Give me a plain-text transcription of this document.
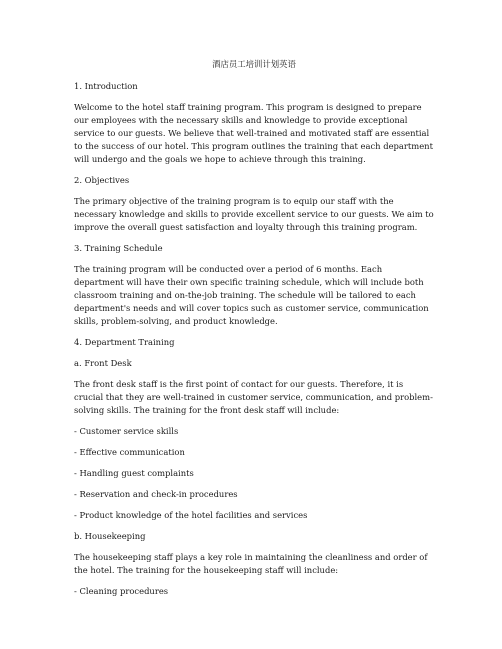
酒店员工培训计划英语
1. Introduction
Welcome to the hotel staff training program. This program is designed to prepare our employees with the necessary skills and knowledge to provide exceptional service to our guests. We believe that well-trained and motivated staff are essential to the success of our hotel. This program outlines the training that each department will undergo and the goals we hope to achieve through this training.
2. Objectives
The primary objective of the training program is to equip our staff with the necessary knowledge and skills to provide excellent service to our guests. We aim to improve the overall guest satisfaction and loyalty through this training program.
3. Training Schedule
The training program will be conducted over a period of 6 months. Each department will have their own specific training schedule, which will include both classroom training and on-the-job training. The schedule will be tailored to each department's needs and will cover topics such as customer service, communication skills, problem-solving, and product knowledge.
4. Department Training
a. Front Desk
The front desk staff is the first point of contact for our guests. Therefore, it is crucial that they are well-trained in customer service, communication, and problem-solving skills. The training for the front desk staff will include:
- Customer service skills
- Effective communication
- Handling guest complaints
- Reservation and check-in procedures
- Product knowledge of the hotel facilities and services
b. Housekeeping
The housekeeping staff plays a key role in maintaining the cleanliness and order of the hotel. The training for the housekeeping staff will include:
- Cleaning procedures
